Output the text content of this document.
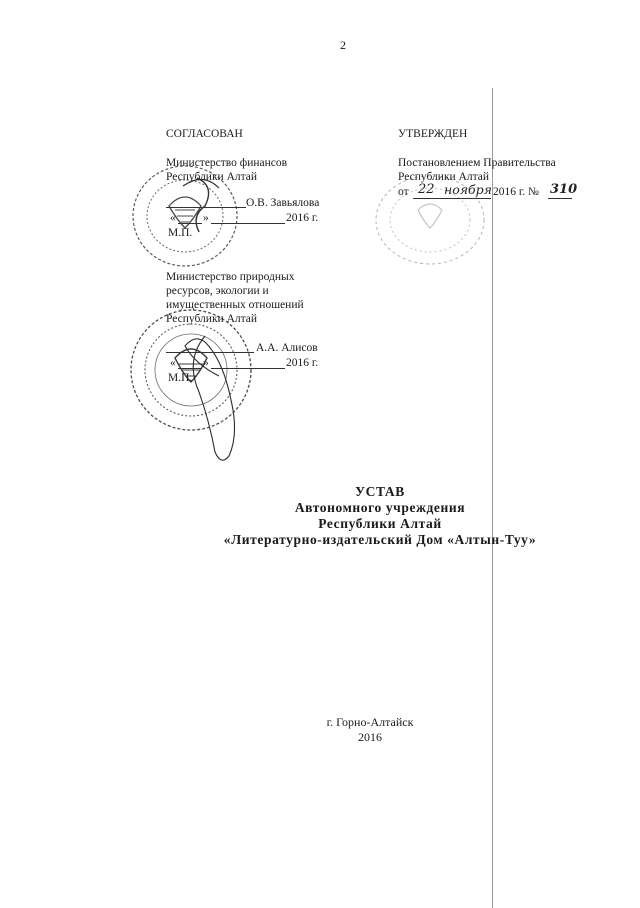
2
СОГЛАСОВАН
Министерство финансов
Республики Алтай
О.В. Завьялова
« »	2016 г.
М.П.
Министерство природных
ресурсов, экологии и
имущественных отношений
Республики Алтай
А.А. Алисов
« »	2016 г.
М.П.
УТВЕРЖДЕН
Постановлением Правительства
Республики Алтай
от 22 ноября 2016 г. № 310
УСТАВ
Автономного учреждения
Республики Алтай
«Литературно-издательский Дом «Алтын-Туу»
г. Горно-Алтайск
2016
